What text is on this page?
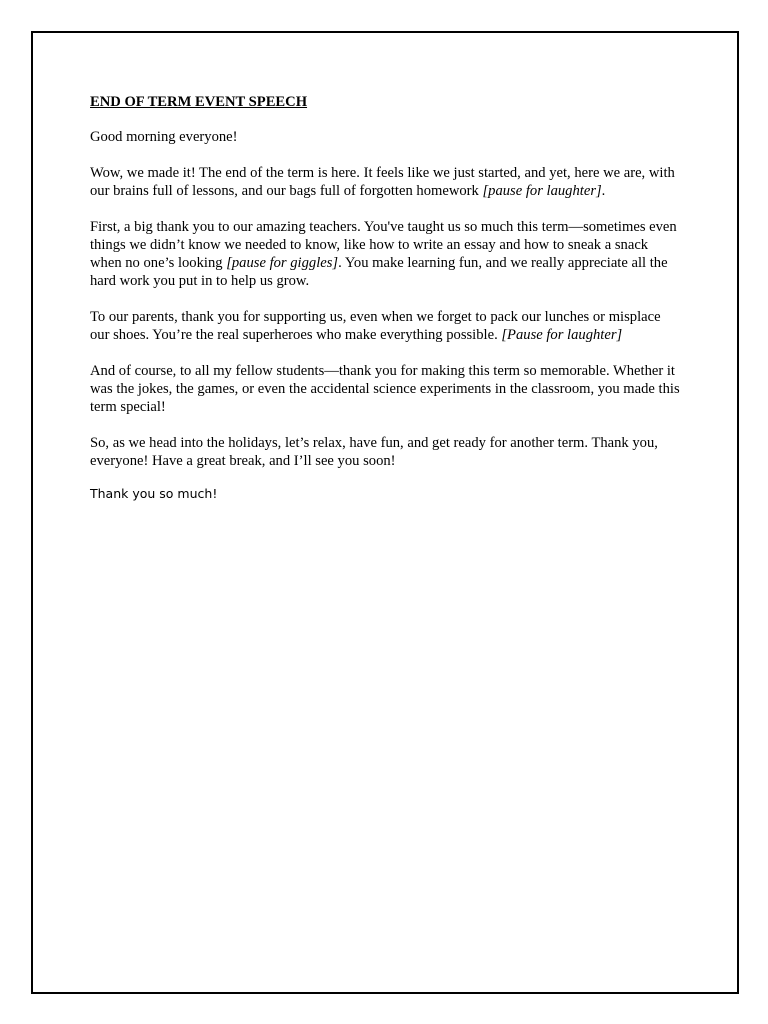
END OF TERM EVENT SPEECH

Good morning everyone!

Wow, we made it! The end of the term is here. It feels like we just started, and yet, here we are, with our brains full of lessons, and our bags full of forgotten homework [pause for laughter].

First, a big thank you to our amazing teachers. You've taught us so much this term—sometimes even things we didn’t know we needed to know, like how to write an essay and how to sneak a snack when no one’s looking [pause for giggles]. You make learning fun, and we really appreciate all the hard work you put in to help us grow.

To our parents, thank you for supporting us, even when we forget to pack our lunches or misplace our shoes. You’re the real superheroes who make everything possible. [Pause for laughter]

And of course, to all my fellow students—thank you for making this term so memorable. Whether it was the jokes, the games, or even the accidental science experiments in the classroom, you made this term special!

So, as we head into the holidays, let’s relax, have fun, and get ready for another term. Thank you, everyone! Have a great break, and I’ll see you soon!

Thank you so much!
